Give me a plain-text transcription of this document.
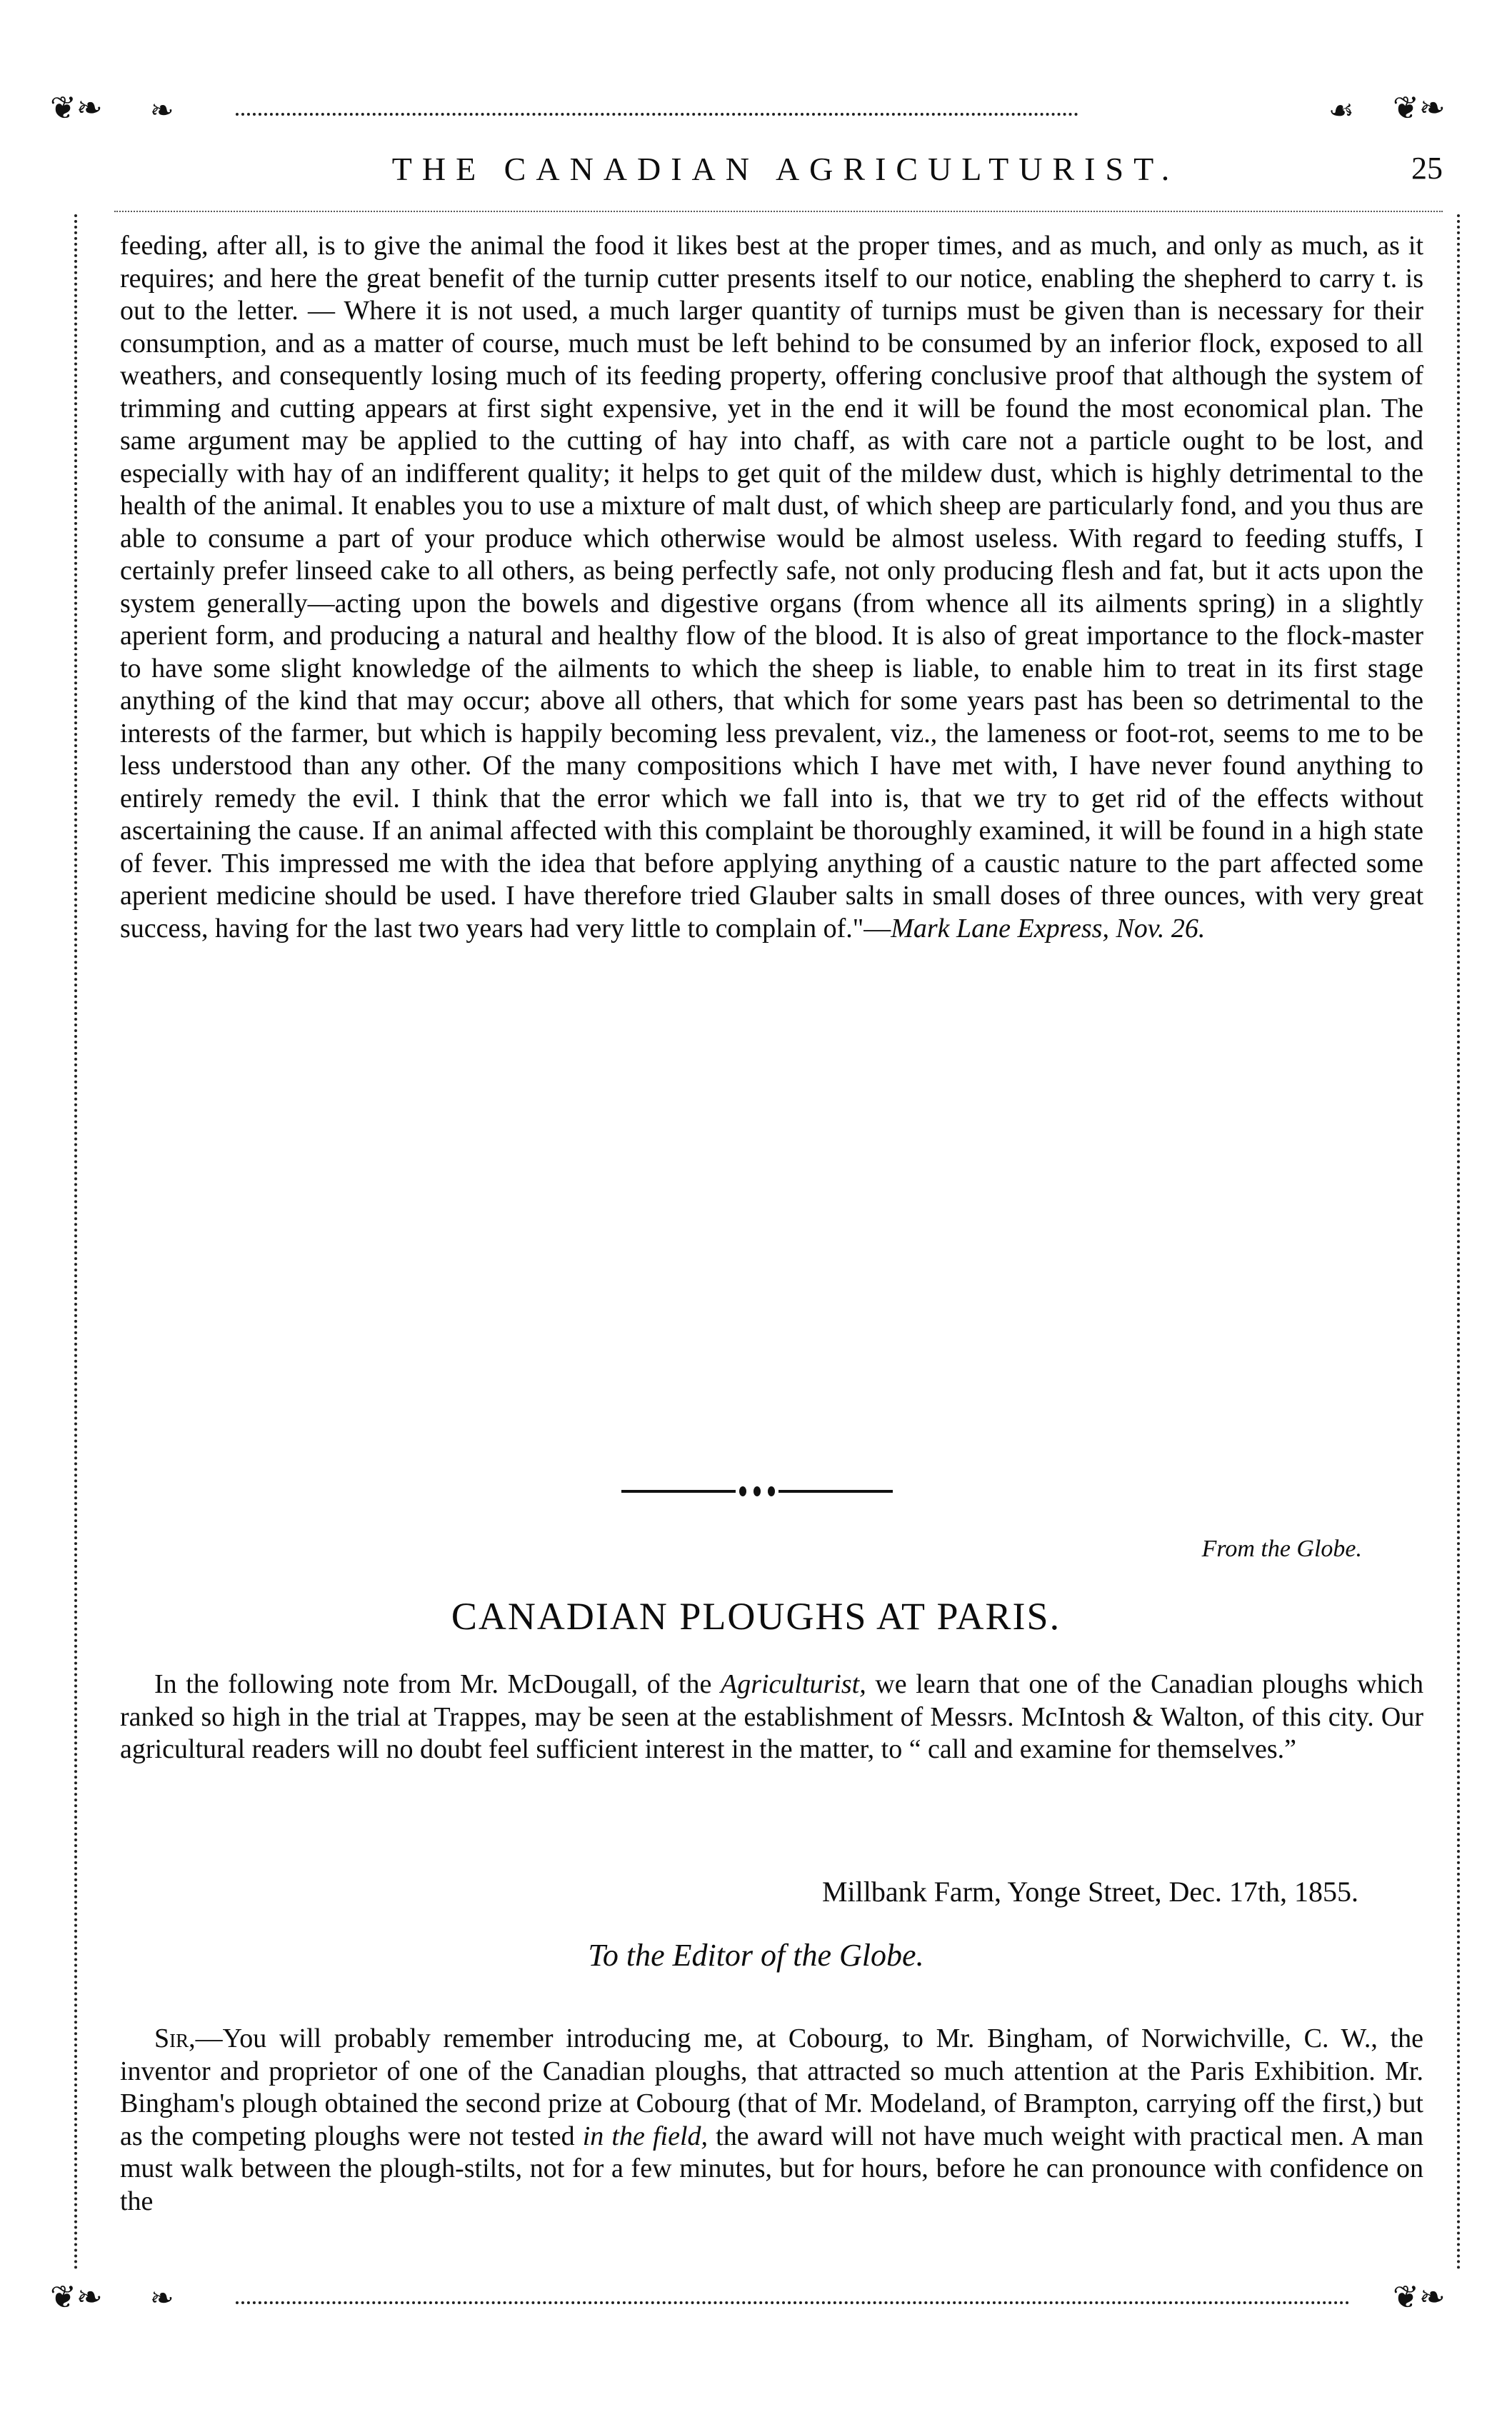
❦❧	❦❧
❦❧	❦❧
❧
❧
☙
THE CANADIAN AGRICULTURIST.	25

feeding, after all, is to give the animal the food it likes best at the proper times, and as much, and only as much, as it requires; and here the great benefit of the turnip cutter presents itself to our notice, enabling the shepherd to carry t. is out to the letter. — Where it is not used, a much larger quantity of turnips must be given than is necessary for their consumption, and as a matter of course, much must be left behind to be consumed by an inferior flock, exposed to all weathers, and consequently losing much of its feeding property, offering conclusive proof that although the system of trimming and cutting appears at first sight expensive, yet in the end it will be found the most economical plan. The same argument may be applied to the cutting of hay into chaff, as with care not a particle ought to be lost, and especially with hay of an indifferent quality; it helps to get quit of the mildew dust, which is highly detrimental to the health of the animal. It enables you to use a mixture of malt dust, of which sheep are particularly fond, and you thus are able to consume a part of your produce which otherwise would be almost useless. With regard to feeding stuffs, I certainly prefer linseed cake to all others, as being perfectly safe, not only producing flesh and fat, but it acts upon the system generally—acting upon the bowels and digestive organs (from whence all its ailments spring) in a slightly aperient form, and producing a natural and healthy flow of the blood. It is also of great importance to the flock-master to have some slight knowledge of the ailments to which the sheep is liable, to enable him to treat in its first stage anything of the kind that may occur; above all others, that which for some years past has been so detrimental to the interests of the farmer, but which is happily becoming less prevalent, viz., the lameness or foot-rot, seems to me to be less understood than any other. Of the many compositions which I have met with, I have never found anything to entirely remedy the evil. I think that the error which we fall into is, that we try to get rid of the effects without ascertaining the cause. If an animal affected with this complaint be thoroughly examined, it will be found in a high state of fever. This impressed me with the idea that before applying anything of a caustic nature to the part affected some aperient medicine should be used. I have therefore tried Glauber salts in small doses of three ounces, with very great success, having for the last two years had very little to complain of."—Mark Lane Express, Nov. 26.

From the Globe.
CANADIAN PLOUGHS AT PARIS.

In the following note from Mr. McDougall, of the Agriculturist, we learn that one of the Canadian ploughs which ranked so high in the trial at Trappes, may be seen at the establishment of Messrs. McIntosh & Walton, of this city. Our agricultural readers will no doubt feel sufficient interest in the matter, to “ call and examine for themselves.”

Millbank Farm, Yonge Street, Dec. 17th, 1855.
To the Editor of the Globe.

Sir,—You will probably remember introducing me, at Cobourg, to Mr. Bingham, of Norwichville, C. W., the inventor and proprietor of one of the Canadian ploughs, that attracted so much attention at the Paris Exhibition. Mr. Bingham's plough obtained the second prize at Cobourg (that of Mr. Modeland, of Brampton, carrying off the first,) but as the competing ploughs were not tested in the field, the award will not have much weight with practical men. A man must walk between the plough-stilts, not for a few minutes, but for hours, before he can pronounce with confidence on the
